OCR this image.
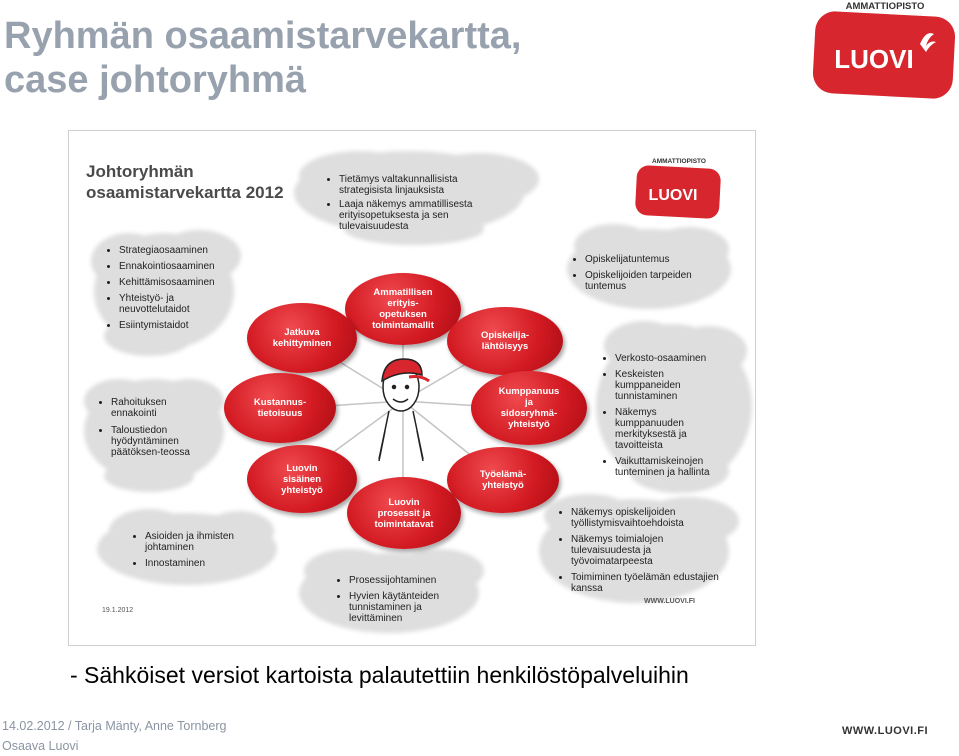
Ryhmän osaamistarvekartta,
case johtoryhmä
AMMATTIOPISTO
LUOVI
Johtoryhmän
osaamistarvekartta 2012
AMMATTIOPISTO
LUOVI
• Tietämys valtakunnallisista strategisista linjauksista
• Laaja näkemys ammatillisesta erityisopetuksesta ja sen tulevaisuudesta
• Strategiaosaaminen
• Ennakointiosaaminen
• Kehittämisosaaminen
• Yhteistyö- ja neuvottelutaidot
• Esiintymistaidot
• Rahoituksen ennakointi
• Taloustiedon hyödyntäminen päätöksen-teossa
• Asioiden ja ihmisten johtaminen
• Innostaminen
• Prosessijohtaminen
• Hyvien käytänteiden tunnistaminen ja levittäminen
• Opiskelijatuntemus
• Opiskelijoiden tarpeiden tuntemus
• Verkosto-osaaminen
• Keskeisten kumppaneiden tunnistaminen
• Näkemys kumppanuuden merkityksestä ja tavoitteista
• Vaikuttamiskeinojen tunteminen ja hallinta
• Näkemys opiskelijoiden työllistymisvaihtoehdoista
• Näkemys toimialojen tulevaisuudesta ja työvoimatarpeesta
• Toimiminen työelämän edustajien kanssa
Ammatillisen
erityis-
opetuksen
toimintamallit
Jatkuva
kehittyminen
Opiskelija-
lähtöisyys
Kustannus-
tietoisuus
Kumppanuus
ja
sidosryhmä-
yhteistyö
Luovin
sisäinen
yhteistyö
Työelämä-
yhteistyö
Luovin
prosessit ja
toimintatavat
19.1.2012
WWW.LUOVI.FI

- Sähköiset versiot kartoista palautettiin henkilöstöpalveluihin

14.02.2012 / Tarja Mänty, Anne Tornberg
Osaava Luovi
WWW.LUOVI.FI
